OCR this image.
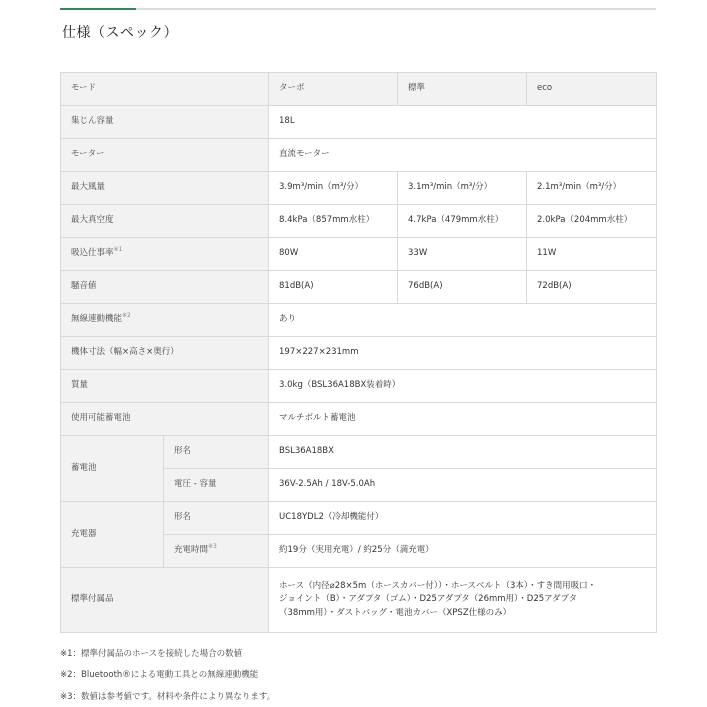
仕様（スペック）
モード		ターボ	標準	eco
集じん容量		18L		
モーター		直流モーター		
最大風量		3.9m³/min（m³/分）	3.1m³/min（m³/分）	2.1m³/min（m³/分）
最大真空度		8.4kPa（857mm水柱）	4.7kPa（479mm水柱）	2.0kPa（204mm水柱）
吸込仕事率$^{※1}$		80W	33W	11W
騒音値		81dB(A)	76dB(A)	72dB(A)
無線連動機能$^{※2}$		あり		
機体寸法（幅×高さ×奥行）		197×227×231mm		
質量		3.0kg（BSL36A18BX装着時）		
使用可能蓄電池		マルチボルト蓄電池		
蓄電池	形名	BSL36A18BX		
	電圧 - 容量	36V-2.5Ah / 18V-5.0Ah		
充電器	形名	UC18YDL2（冷却機能付）		
	充電時間$^{※3}$	約19分（実用充電）/ 約25分（満充電）		
標準付属品		ホース（内径⌀28×5m（ホースカバー付））・ホースベルト（3本）・すき間用吸口・
ジョイント（B）・アダプタ（ゴム）・D25アダプタ（26mm用）・D25アダプタ
（38mm用）・ダストバッグ・電池カバー（XPSZ仕様のみ）		
※1：標準付属品のホースを接続した場合の数値
※2：Bluetooth®による電動工具との無線連動機能
※3：数値は参考値です。材料や条件により異なります。
